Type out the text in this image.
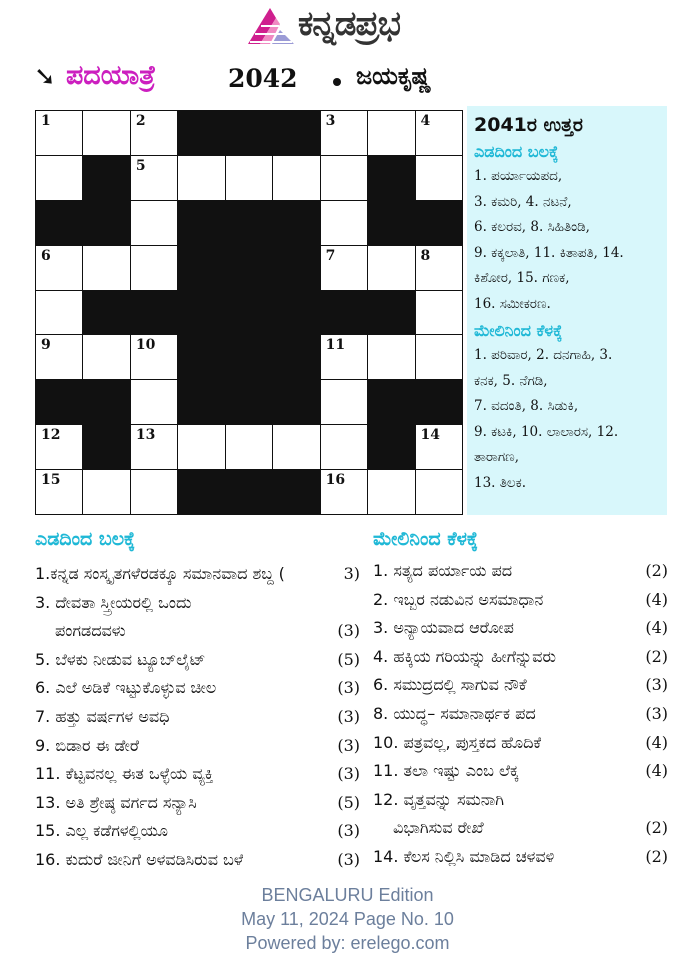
ಕನ್ನಡಪ್ರಭ
➘ ಪದಯಾತ್ರೆ	2042 ಜಯಕೃಷ್ಣ
1	2	3	4
5
6	7	8
9	10	11
12	13	14
15	16
2041ರ ಉತ್ತರ
ಎಡದಿಂದ ಬಲಕ್ಕೆ
1. ಪರ್ಯಾಯಪದ,
3. ಕಮರಿ, 4. ನಟನೆ,
6. ಕಲರವ, 8. ಸಿಹಿತಿಂಡಿ,
9. ಕಕ್ಕಲಾತಿ, 11. ಕಿತಾಪತಿ, 14.
ಕಿಶೋರ, 15. ಗಣಕ,
16. ಸಮೀಕರಣ.
ಮೇಲಿನಿಂದ ಕೆಳಕ್ಕೆ
1. ಪರಿವಾರ, 2. ದನಗಾಹಿ, 3.
ಕನಕ, 5. ನೆಗಡಿ,
7. ವದಂತಿ, 8. ಸಿಡುಕಿ,
9. ಕಟಕಿ, 10. ಲಾಲಾರಸ, 12.
ತಾರಾಗಣ,
13. ತಿಲಕ.
ಎಡದಿಂದ ಬಲಕ್ಕೆ
1.ಕನ್ನಡ ಸಂಸ್ಕೃತಗಳೆರಡಕ್ಕೂ ಸಮಾನವಾದ ಶಬ್ದ (	3)
3. ದೇವತಾ ಸ್ತ್ರೀಯರಲ್ಲಿ ಒಂದು
ಪಂಗಡದವಳು	(3)
5. ಬೆಳಕು ನೀಡುವ ಟ್ಯೂಬ್‌ಲೈಟ್	(5)
6. ಎಲೆ ಅಡಿಕೆ ಇಟ್ಟುಕೊಳ್ಳುವ ಚೀಲ	(3)
7. ಹತ್ತು ವರ್ಷಗಳ ಅವಧಿ	(3)
9. ಬಿಡಾರ ಈ ಡೇರೆ	(3)
11. ಕೆಟ್ಟವನಲ್ಲ ಈತ ಒಳ್ಳೆಯ ವ್ಯಕ್ತಿ	(3)
13. ಅತಿ ಶ್ರೇಷ್ಠ ವರ್ಗದ ಸನ್ಯಾಸಿ	(5)
15. ಎಲ್ಲ ಕಡೆಗಳಲ್ಲಿಯೂ	(3)
16. ಕುದುರೆ ಜೀನಿಗೆ ಅಳವಡಿಸಿರುವ ಬಳೆ	(3)
ಮೇಲಿನಿಂದ ಕೆಳಕ್ಕೆ
1. ಸತ್ಯದ ಪರ್ಯಾಯ ಪದ	(2)
2. ಇಬ್ಬರ ನಡುವಿನ ಅಸಮಾಧಾನ	(4)
3. ಅನ್ಯಾಯವಾದ ಆರೋಪ	(4)
4. ಹಕ್ಕಿಯ ಗರಿಯನ್ನು ಹೀಗೆನ್ನುವರು	(2)
6. ಸಮುದ್ರದಲ್ಲಿ ಸಾಗುವ ನೌಕೆ	(3)
8. ಯುದ್ಧ– ಸಮಾನಾರ್ಥಕ ಪದ	(3)
10. ಪತ್ರವಲ್ಲ, ಪುಸ್ತಕದ ಹೊದಿಕೆ	(4)
11. ತಲಾ ಇಷ್ಟು ಎಂಬ ಲೆಕ್ಕ	(4)
12. ವೃತ್ತವನ್ನು ಸಮನಾಗಿ
ವಿಭಾಗಿಸುವ ರೇಖೆ	(2)
14. ಕೆಲಸ ನಿಲ್ಲಿಸಿ ಮಾಡಿದ ಚಳವಳಿ	(2)
BENGALURU Edition
May 11, 2024 Page No. 10
Powered by: erelego.com
